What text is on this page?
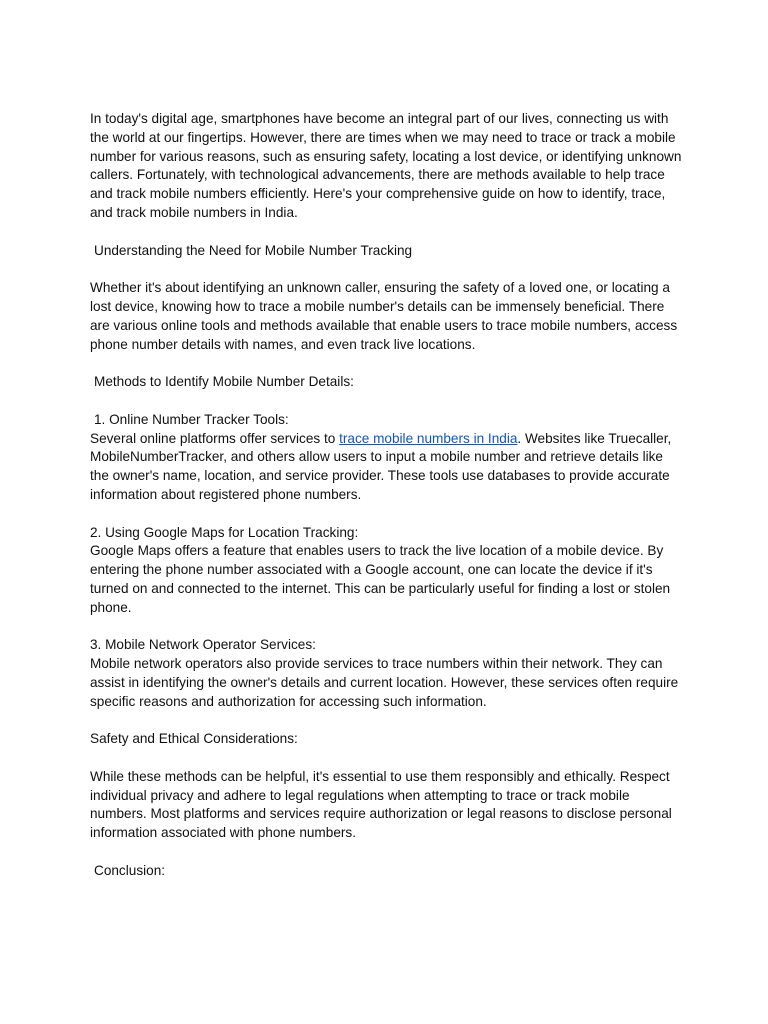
In today's digital age, smartphones have become an integral part of our lives, connecting us with the world at our fingertips. However, there are times when we may need to trace or track a mobile number for various reasons, such as ensuring safety, locating a lost device, or identifying unknown callers. Fortunately, with technological advancements, there are methods available to help trace and track mobile numbers efficiently. Here's your comprehensive guide on how to identify, trace, and track mobile numbers in India.

Understanding the Need for Mobile Number Tracking

Whether it's about identifying an unknown caller, ensuring the safety of a loved one, or locating a lost device, knowing how to trace a mobile number's details can be immensely beneficial. There are various online tools and methods available that enable users to trace mobile numbers, access phone number details with names, and even track live locations.

Methods to Identify Mobile Number Details:

1. Online Number Tracker Tools:

Several online platforms offer services to trace mobile numbers in India. Websites like Truecaller, MobileNumberTracker, and others allow users to input a mobile number and retrieve details like the owner's name, location, and service provider. These tools use databases to provide accurate information about registered phone numbers.

2. Using Google Maps for Location Tracking:

Google Maps offers a feature that enables users to track the live location of a mobile device. By entering the phone number associated with a Google account, one can locate the device if it's turned on and connected to the internet. This can be particularly useful for finding a lost or stolen phone.

3. Mobile Network Operator Services:

Mobile network operators also provide services to trace numbers within their network. They can assist in identifying the owner's details and current location. However, these services often require specific reasons and authorization for accessing such information.

Safety and Ethical Considerations:

While these methods can be helpful, it's essential to use them responsibly and ethically. Respect individual privacy and adhere to legal regulations when attempting to trace or track mobile numbers. Most platforms and services require authorization or legal reasons to disclose personal information associated with phone numbers.

Conclusion:
